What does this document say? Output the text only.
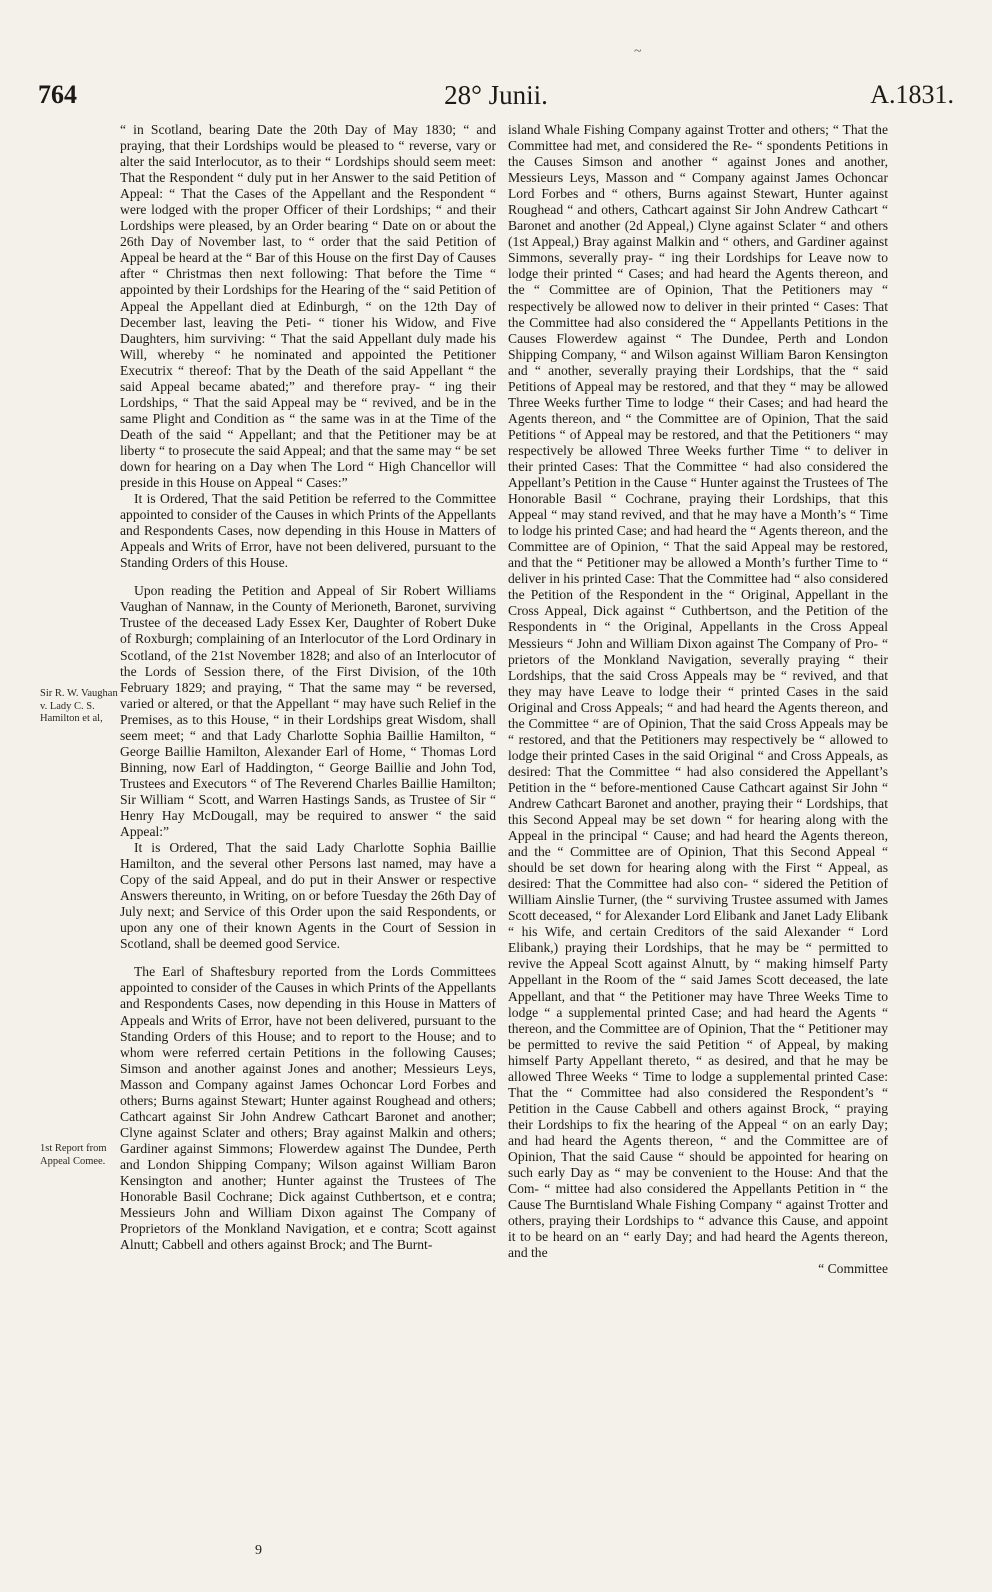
764	28° Junii.	A.1831.
~
Sir R. W. Vaughan v. Lady C. S. Hamilton et al,
1st Report from Appeal Comee.

“ in Scotland, bearing Date the 20th Day of May 1830; “ and praying, that their Lordships would be pleased to “ reverse, vary or alter the said Interlocutor, as to their “ Lordships should seem meet: That the Respondent “ duly put in her Answer to the said Petition of Appeal: “ That the Cases of the Appellant and the Respondent “ were lodged with the proper Officer of their Lordships; “ and their Lordships were pleased, by an Order bearing “ Date on or about the 26th Day of November last, to “ order that the said Petition of Appeal be heard at the “ Bar of this House on the first Day of Causes after “ Christmas then next following: That before the Time “ appointed by their Lordships for the Hearing of the “ said Petition of Appeal the Appellant died at Edinburgh, “ on the 12th Day of December last, leaving the Peti- “ tioner his Widow, and Five Daughters, him surviving: “ That the said Appellant duly made his Will, whereby “ he nominated and appointed the Petitioner Executrix “ thereof: That by the Death of the said Appellant “ the said Appeal became abated;” and therefore pray- “ ing their Lordships, “ That the said Appeal may be “ revived, and be in the same Plight and Condition as “ the same was in at the Time of the Death of the said “ Appellant; and that the Petitioner may be at liberty “ to prosecute the said Appeal; and that the same may “ be set down for hearing on a Day when The Lord “ High Chancellor will preside in this House on Appeal “ Cases:”

It is Ordered, That the said Petition be referred to the Committee appointed to consider of the Causes in which Prints of the Appellants and Respondents Cases, now depending in this House in Matters of Appeals and Writs of Error, have not been delivered, pursuant to the Standing Orders of this House.

Upon reading the Petition and Appeal of Sir Robert Williams Vaughan of Nannaw, in the County of Merioneth, Baronet, surviving Trustee of the deceased Lady Essex Ker, Daughter of Robert Duke of Roxburgh; complaining of an Interlocutor of the Lord Ordinary in Scotland, of the 21st November 1828; and also of an Interlocutor of the Lords of Session there, of the First Division, of the 10th February 1829; and praying, “ That the same may “ be reversed, varied or altered, or that the Appellant “ may have such Relief in the Premises, as to this House, “ in their Lordships great Wisdom, shall seem meet; “ and that Lady Charlotte Sophia Baillie Hamilton, “ George Baillie Hamilton, Alexander Earl of Home, “ Thomas Lord Binning, now Earl of Haddington, “ George Baillie and John Tod, Trustees and Executors “ of The Reverend Charles Baillie Hamilton; Sir William “ Scott, and Warren Hastings Sands, as Trustee of Sir “ Henry Hay McDougall, may be required to answer “ the said Appeal:”

It is Ordered, That the said Lady Charlotte Sophia Baillie Hamilton, and the several other Persons last named, may have a Copy of the said Appeal, and do put in their Answer or respective Answers thereunto, in Writing, on or before Tuesday the 26th Day of July next; and Service of this Order upon the said Respondents, or upon any one of their known Agents in the Court of Session in Scotland, shall be deemed good Service.

The Earl of Shaftesbury reported from the Lords Committees appointed to consider of the Causes in which Prints of the Appellants and Respondents Cases, now depending in this House in Matters of Appeals and Writs of Error, have not been delivered, pursuant to the Standing Orders of this House; and to report to the House; and to whom were referred certain Petitions in the following Causes; Simson and another against Jones and another; Messieurs Leys, Masson and Company against James Ochoncar Lord Forbes and others; Burns against Stewart; Hunter against Roughead and others; Cathcart against Sir John Andrew Cathcart Baronet and another; Clyne against Sclater and others; Bray against Malkin and others; Gardiner against Simmons; Flowerdew against The Dundee, Perth and London Shipping Company; Wilson against William Baron Kensington and another; Hunter against the Trustees of The Honorable Basil Cochrane; Dick against Cuthbertson, et e contra; Messieurs John and William Dixon against The Company of Proprietors of the Monkland Navigation, et e contra; Scott against Alnutt; Cabbell and others against Brock; and The Burnt-

island Whale Fishing Company against Trotter and others; “ That the Committee had met, and considered the Re- “ spondents Petitions in the Causes Simson and another “ against Jones and another, Messieurs Leys, Masson and “ Company against James Ochoncar Lord Forbes and “ others, Burns against Stewart, Hunter against Roughead “ and others, Cathcart against Sir John Andrew Cathcart “ Baronet and another (2d Appeal,) Clyne against Sclater “ and others (1st Appeal,) Bray against Malkin and “ others, and Gardiner against Simmons, severally pray- “ ing their Lordships for Leave now to lodge their printed “ Cases; and had heard the Agents thereon, and the “ Committee are of Opinion, That the Petitioners may “ respectively be allowed now to deliver in their printed “ Cases: That the Committee had also considered the “ Appellants Petitions in the Causes Flowerdew against “ The Dundee, Perth and London Shipping Company, “ and Wilson against William Baron Kensington and “ another, severally praying their Lordships, that the “ said Petitions of Appeal may be restored, and that they “ may be allowed Three Weeks further Time to lodge “ their Cases; and had heard the Agents thereon, and “ the Committee are of Opinion, That the said Petitions “ of Appeal may be restored, and that the Petitioners “ may respectively be allowed Three Weeks further Time “ to deliver in their printed Cases: That the Committee “ had also considered the Appellant’s Petition in the Cause “ Hunter against the Trustees of The Honorable Basil “ Cochrane, praying their Lordships, that this Appeal “ may stand revived, and that he may have a Month’s “ Time to lodge his printed Case; and had heard the “ Agents thereon, and the Committee are of Opinion, “ That the said Appeal may be restored, and that the “ Petitioner may be allowed a Month’s further Time to “ deliver in his printed Case: That the Committee had “ also considered the Petition of the Respondent in the “ Original, Appellant in the Cross Appeal, Dick against “ Cuthbertson, and the Petition of the Respondents in “ the Original, Appellants in the Cross Appeal Messieurs “ John and William Dixon against The Company of Pro- “ prietors of the Monkland Navigation, severally praying “ their Lordships, that the said Cross Appeals may be “ revived, and that they may have Leave to lodge their “ printed Cases in the said Original and Cross Appeals; “ and had heard the Agents thereon, and the Committee “ are of Opinion, That the said Cross Appeals may be “ restored, and that the Petitioners may respectively be “ allowed to lodge their printed Cases in the said Original “ and Cross Appeals, as desired: That the Committee “ had also considered the Appellant’s Petition in the “ before-mentioned Cause Cathcart against Sir John “ Andrew Cathcart Baronet and another, praying their “ Lordships, that this Second Appeal may be set down “ for hearing along with the Appeal in the principal “ Cause; and had heard the Agents thereon, and the “ Committee are of Opinion, That this Second Appeal “ should be set down for hearing along with the First “ Appeal, as desired: That the Committee had also con- “ sidered the Petition of William Ainslie Turner, (the “ surviving Trustee assumed with James Scott deceased, “ for Alexander Lord Elibank and Janet Lady Elibank “ his Wife, and certain Creditors of the said Alexander “ Lord Elibank,) praying their Lordships, that he may be “ permitted to revive the Appeal Scott against Alnutt, by “ making himself Party Appellant in the Room of the “ said James Scott deceased, the late Appellant, and that “ the Petitioner may have Three Weeks Time to lodge “ a supplemental printed Case; and had heard the Agents “ thereon, and the Committee are of Opinion, That the “ Petitioner may be permitted to revive the said Petition “ of Appeal, by making himself Party Appellant thereto, “ as desired, and that he may be allowed Three Weeks “ Time to lodge a supplemental printed Case: That the “ Committee had also considered the Respondent’s “ Petition in the Cause Cabbell and others against Brock, “ praying their Lordships to fix the hearing of the Appeal “ on an early Day; and had heard the Agents thereon, “ and the Committee are of Opinion, That the said Cause “ should be appointed for hearing on such early Day as “ may be convenient to the House: And that the Com- “ mittee had also considered the Appellants Petition in “ the Cause The Burntisland Whale Fishing Company “ against Trotter and others, praying their Lordships to “ advance this Cause, and appoint it to be heard on an “ early Day; and had heard the Agents thereon, and the

“ Committee

9
